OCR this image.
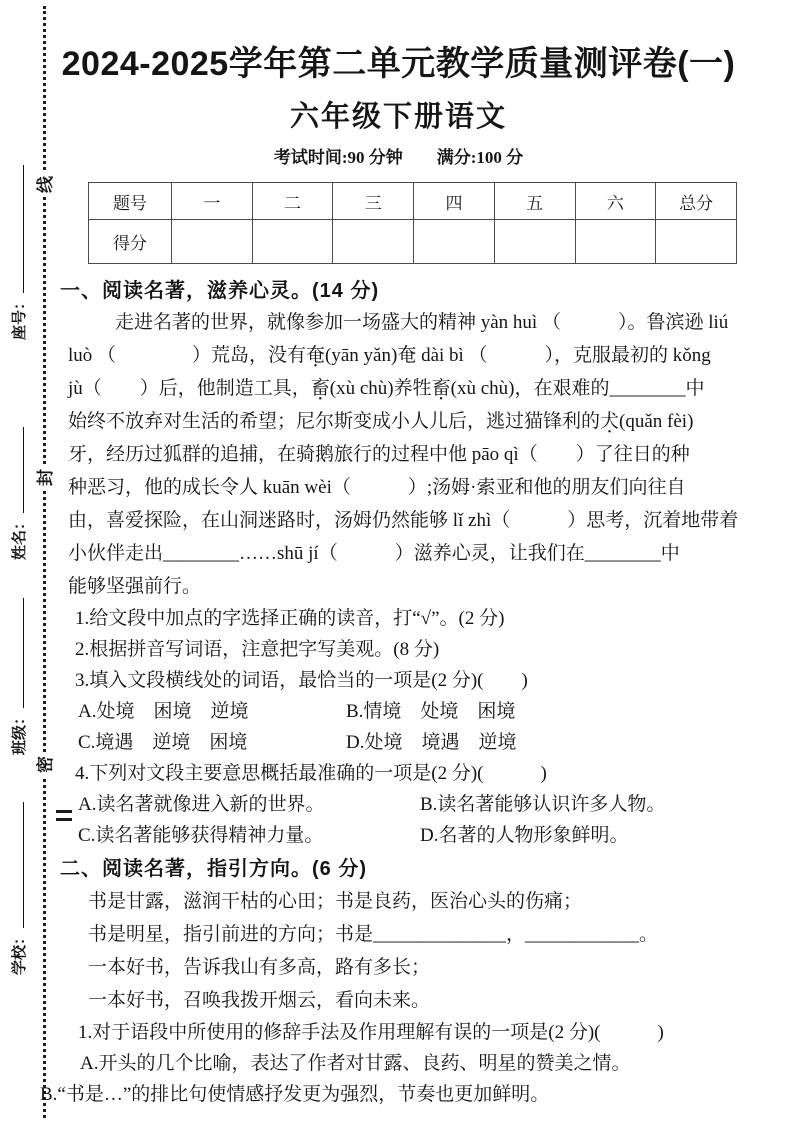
线
封
密
座号：
姓名：
班级：
学校：
2024-2025学年第二单元教学质量测评卷(一)
六年级下册语文
考试时间:90 分钟　　满分:100 分
题号	一	二	三	四	五	六	总分
得分							
一、阅读名著，滋养心灵。(14 分)
走进名著的世界，就像参加一场盛大的精神 yàn huì （　　　）。鲁滨逊 liú
luò （　　　　）荒岛，没有奄(yān yǎn)奄 dài bì （　　　），克服最初的 kǒng
jù（　　）后，他制造工具，畜(xù chù)养牲畜(xù chù)，在艰难的________中
始终不放弃对生活的希望；尼尔斯变成小人儿后，逃过猫锋利的犬(quǎn fèi)
牙，经历过狐群的追捕，在骑鹅旅行的过程中他 pāo qì（　　）了往日的种
种恶习，他的成长令人 kuān wèi（　　　）;汤姆·索亚和他的朋友们向往自
由，喜爱探险，在山洞迷路时，汤姆仍然能够 lǐ zhì（　　　）思考，沉着地带着
小伙伴走出________……shū jí（　　　）滋养心灵，让我们在________中
能够坚强前行。
1.给文段中加点的字选择正确的读音，打“√”。(2 分)
2.根据拼音写词语，注意把字写美观。(8 分)
3.填入文段横线处的词语，最恰当的一项是(2 分)(　　)
A.处境　困境　逆境	B.情境　处境　困境
C.境遇　逆境　困境	D.处境　境遇　逆境
4.下列对文段主要意思概括最准确的一项是(2 分)(　　　)
A.读名著就像进入新的世界。	B.读名著能够认识许多人物。
C.读名著能够获得精神力量。	D.名著的人物形象鲜明。
二、阅读名著，指引方向。(6 分)
书是甘露，滋润干枯的心田；书是良药，医治心头的伤痛；
书是明星，指引前进的方向；书是______________，____________。
一本好书，告诉我山有多高，路有多长；
一本好书，召唤我拨开烟云，看向未来。
1.对于语段中所使用的修辞手法及作用理解有误的一项是(2 分)(　　　)
A.开头的几个比喻，表达了作者对甘露、良药、明星的赞美之情。
B.“书是…”的排比句使情感抒发更为强烈，节奏也更加鲜明。
